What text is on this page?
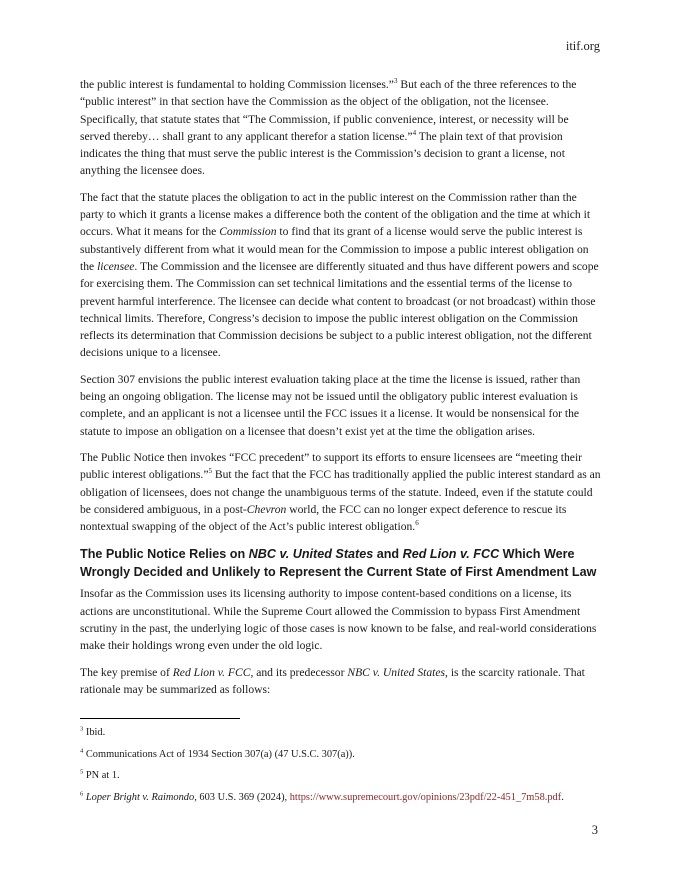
itif.org

the public interest is fundamental to holding Commission licenses.”$^3$ But each of the three references to the “public interest” in that section have the Commission as the object of the obligation, not the licensee. Specifically, that statute states that “The Commission, if public convenience, interest, or necessity will be served thereby… shall grant to any applicant therefor a station license.”$^4$ The plain text of that provision indicates the thing that must serve the public interest is the Commission’s decision to grant a license, not anything the licensee does.

The fact that the statute places the obligation to act in the public interest on the Commission rather than the party to which it grants a license makes a difference both the content of the obligation and the time at which it occurs. What it means for the Commission to find that its grant of a license would serve the public interest is substantively different from what it would mean for the Commission to impose a public interest obligation on the licensee. The Commission and the licensee are differently situated and thus have different powers and scope for exercising them. The Commission can set technical limitations and the essential terms of the license to prevent harmful interference. The licensee can decide what content to broadcast (or not broadcast) within those technical limits. Therefore, Congress’s decision to impose the public interest obligation on the Commission reflects its determination that Commission decisions be subject to a public interest obligation, not the different decisions unique to a licensee.

Section 307 envisions the public interest evaluation taking place at the time the license is issued, rather than being an ongoing obligation. The license may not be issued until the obligatory public interest evaluation is complete, and an applicant is not a licensee until the FCC issues it a license. It would be nonsensical for the statute to impose an obligation on a licensee that doesn’t exist yet at the time the obligation arises.

The Public Notice then invokes “FCC precedent” to support its efforts to ensure licensees are “meeting their public interest obligations.”$^5$ But the fact that the FCC has traditionally applied the public interest standard as an obligation of licensees, does not change the unambiguous terms of the statute. Indeed, even if the statute could be considered ambiguous, in a post-Chevron world, the FCC can no longer expect deference to rescue its nontextual swapping of the object of the Act’s public interest obligation.$^6$

The Public Notice Relies on NBC v. United States and Red Lion v. FCC Which Were Wrongly Decided and Unlikely to Represent the Current State of First Amendment Law

Insofar as the Commission uses its licensing authority to impose content-based conditions on a license, its actions are unconstitutional. While the Supreme Court allowed the Commission to bypass First Amendment scrutiny in the past, the underlying logic of those cases is now known to be false, and real-world considerations make their holdings wrong even under the old logic.

The key premise of Red Lion v. FCC, and its predecessor NBC v. United States, is the scarcity rationale. That rationale may be summarized as follows:

$^3$ Ibid.
$^4$ Communications Act of 1934 Section 307(a) (47 U.S.C. 307(a)).
$^5$ PN at 1.
$^6$ Loper Bright v. Raimondo, 603 U.S. 369 (2024), https://www.supremecourt.gov/opinions/23pdf/22-451_7m58.pdf.
3
